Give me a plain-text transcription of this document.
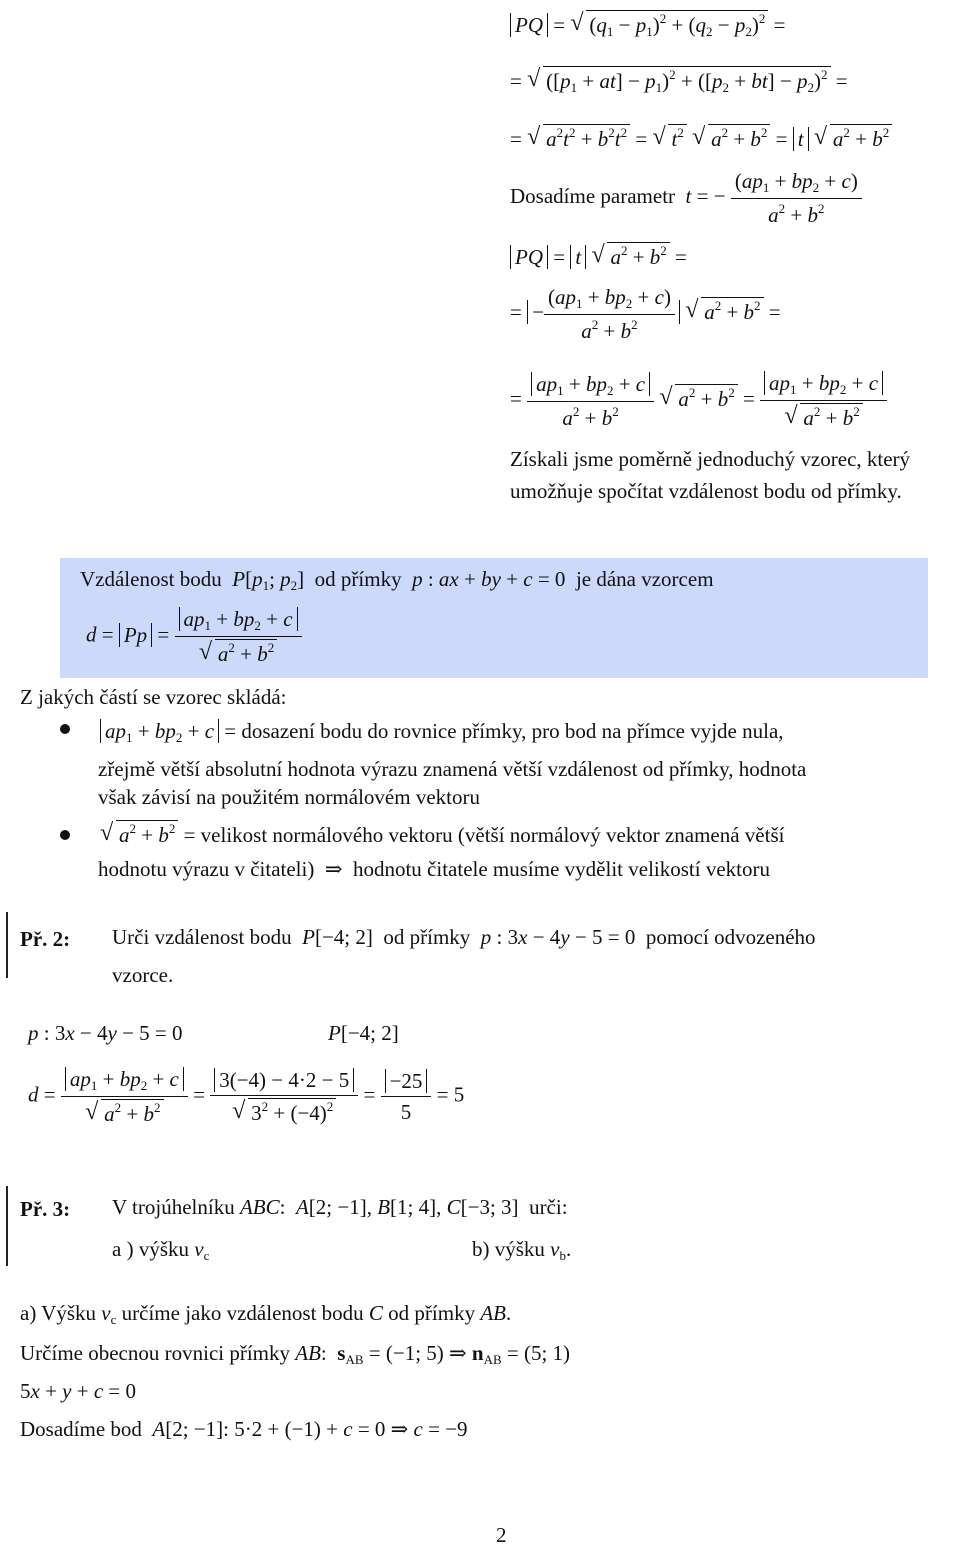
PQ = √ $(q_1 - p_1)^2 + (q_2 - p_2)^2$ =
= √ $([p_1 + at] - p_1)^2 + ([p_2 + bt] - p_2)^2$ =
= √ $a^2t^2 + b^2t^2$ = √ $t^2$ √ $a^2 + b^2 = t$ √ $a^2 + b^2$
Dosadíme parametr t = − $\frac{(ap_1 + bp_2 + c)}{a^2 + b^2}$
PQ = t √ $a^2 + b^2$ =
= − $\frac{(ap_1 + bp_2 + c)}{a^2 + b^2}$ √ $a^2 + b^2$ =
= $\frac{ap_1 + bp_2 + c}{a^2 + b^2}$ √ $a^2 + b^2 = ap_1 + bp_2 + c$
√ $a^2 + b^2$
Získali jsme poměrně jednoduchý vzorec, který umožňuje spočítat vzdálenost bodu od přímky.
Vzdálenost bodu $P[p_1$; $p_2$]  od přímky p : ax + by + c = 0  je dána vzorcem
$d = Pp = ap_1 + bp_2 + c$
√ $a^2 + b^2$
Z jakých částí se vzorec skládá:
$ap_1 + bp_2 + c$ = dosazení bodu do rovnice přímky, pro bod na přímce vyjde nula,
zřejmě větší absolutní hodnota výrazu znamená větší vzdálenost od přímky, hodnota
však závisí na použitém normálovém vektoru
√ $a^2 + b^2$ = velikost normálového vektoru (větší normálový vektor znamená větší
hodnotu výrazu v čitateli) ⇒ hodnotu čitatele musíme vydělit velikostí vektoru
Př. 2: Urči vzdálenost bodu P[−4; 2]  od přímky p : 3x − 4y − 5 = 0  pomocí odvozeného
vzorce.
p : 3x − 4y − 5 = 0	P[−4; 2]
$d = ap_1 + bp_2 + c$
√ $a^2 + b^2 = 3(-4) - 4\cdot 2 - 5$
√ $3^2 + (-4)^2 = \frac{-25}{5} = 5$
Př. 3: V trojúhelníku ABC:  A[2; −1], B[1; 4], C[−3; 3]  urči:
a ) výšku $v_c$	b) výšku $v_b$.
a) Výšku $v_c$ určíme jako vzdálenost bodu C od přímky AB.
Určíme obecnou rovnici přímky AB:  $s_{AB} = (-1$; 5) ⇒ $n_{AB} = (5$; 1)
5x + y + c = 0
Dosadíme bod A[2; −1]: 5·2 + (−1) + c = 0 ⇒ c = −9
2
